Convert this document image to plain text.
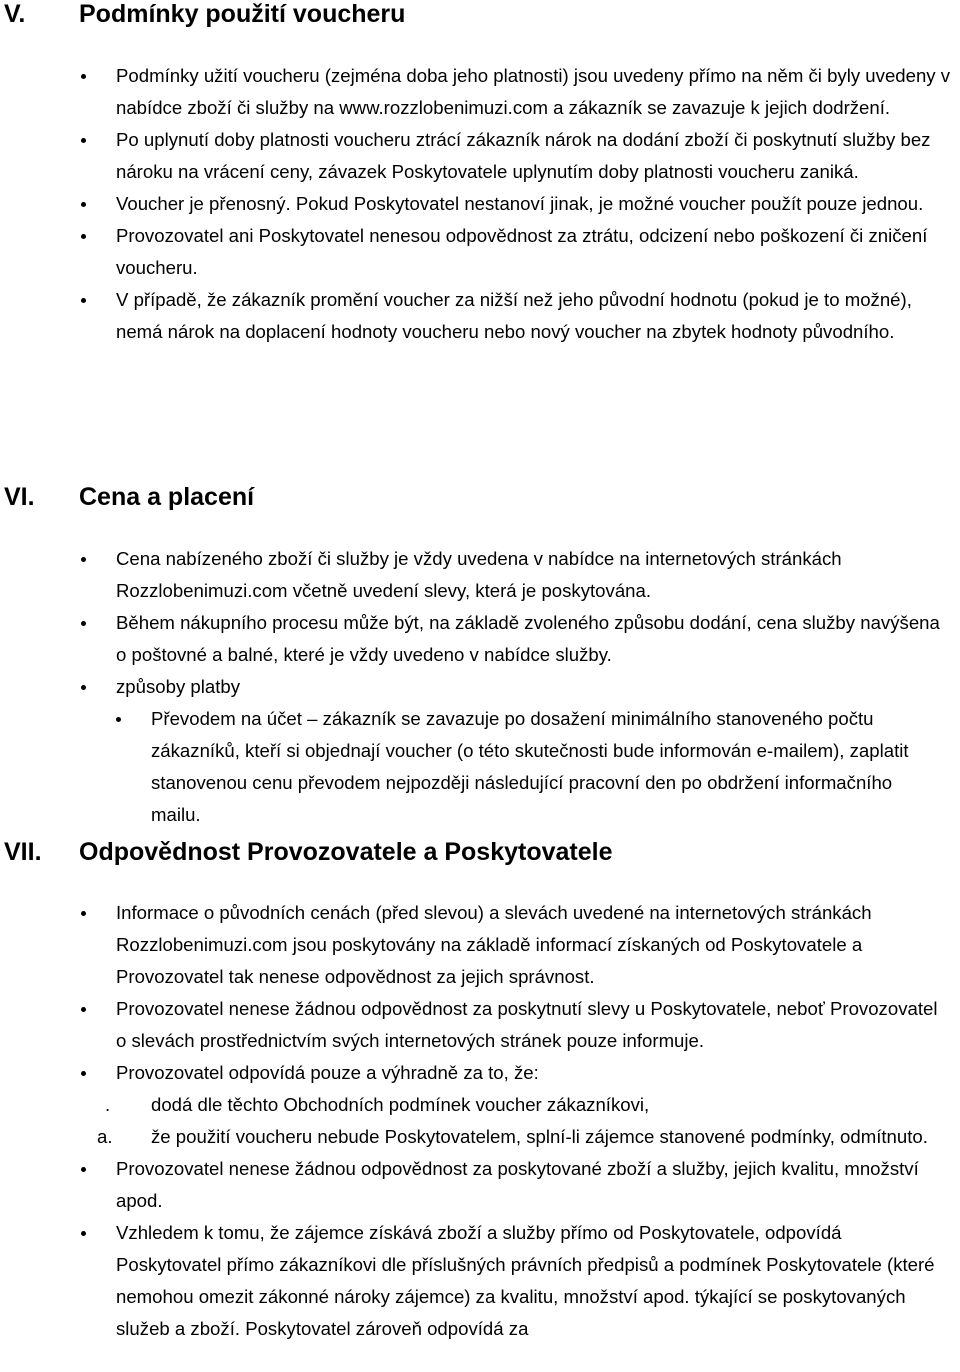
V. Podmínky použití voucheru
Podmínky užití voucheru (zejména doba jeho platnosti) jsou uvedeny přímo na něm či byly uvedeny v nabídce zboží či služby na www.rozzlobenimuzi.com a zákazník se zavazuje k jejich dodržení.
Po uplynutí doby platnosti voucheru ztrácí zákazník nárok na dodání zboží či poskytnutí služby bez nároku na vrácení ceny, závazek Poskytovatele uplynutím doby platnosti voucheru zaniká.
Voucher je přenosný. Pokud Poskytovatel nestanoví jinak, je možné voucher použít pouze jednou.
Provozovatel ani Poskytovatel nenesou odpovědnost za ztrátu, odcizení nebo poškození či zničení voucheru.
V případě, že zákazník promění voucher za nižší než jeho původní hodnotu (pokud je to možné), nemá nárok na doplacení hodnoty voucheru nebo nový voucher na zbytek hodnoty původního.
VI. Cena a placení
Cena nabízeného zboží či služby je vždy uvedena v nabídce na internetových stránkách Rozzlobenimuzi.com včetně uvedení slevy, která je poskytována.
Během nákupního procesu může být, na základě zvoleného způsobu dodání, cena služby navýšena o poštovné a balné, které je vždy uvedeno v nabídce služby.
způsoby platby
Převodem na účet – zákazník se zavazuje po dosažení minimálního stanoveného počtu zákazníků, kteří si objednají voucher (o této skutečnosti bude informován e-mailem), zaplatit stanovenou cenu převodem nejpozději následující pracovní den po obdržení informačního mailu.
VII. Odpovědnost Provozovatele a Poskytovatele
Informace o původních cenách (před slevou) a slevách uvedené na internetových stránkách Rozzlobenimuzi.com jsou poskytovány na základě informací získaných od Poskytovatele a Provozovatel tak nenese odpovědnost za jejich správnost.
Provozovatel nenese žádnou odpovědnost za poskytnutí slevy u Poskytovatele, neboť Provozovatel o slevách prostřednictvím svých internetových stránek pouze informuje.
Provozovatel odpovídá pouze a výhradně za to, že:
. dodá dle těchto Obchodních podmínek voucher zákazníkovi,
a. že použití voucheru nebude Poskytovatelem, splní-li zájemce stanovené podmínky, odmítnuto.
Provozovatel nenese žádnou odpovědnost za poskytované zboží a služby, jejich kvalitu, množství apod.
Vzhledem k tomu, že zájemce získává zboží a služby přímo od Poskytovatele, odpovídá Poskytovatel přímo zákazníkovi dle příslušných právních předpisů a podmínek Poskytovatele (které nemohou omezit zákonné nároky zájemce) za kvalitu, množství apod. týkající se poskytovaných služeb a zboží. Poskytovatel zároveň odpovídá za
